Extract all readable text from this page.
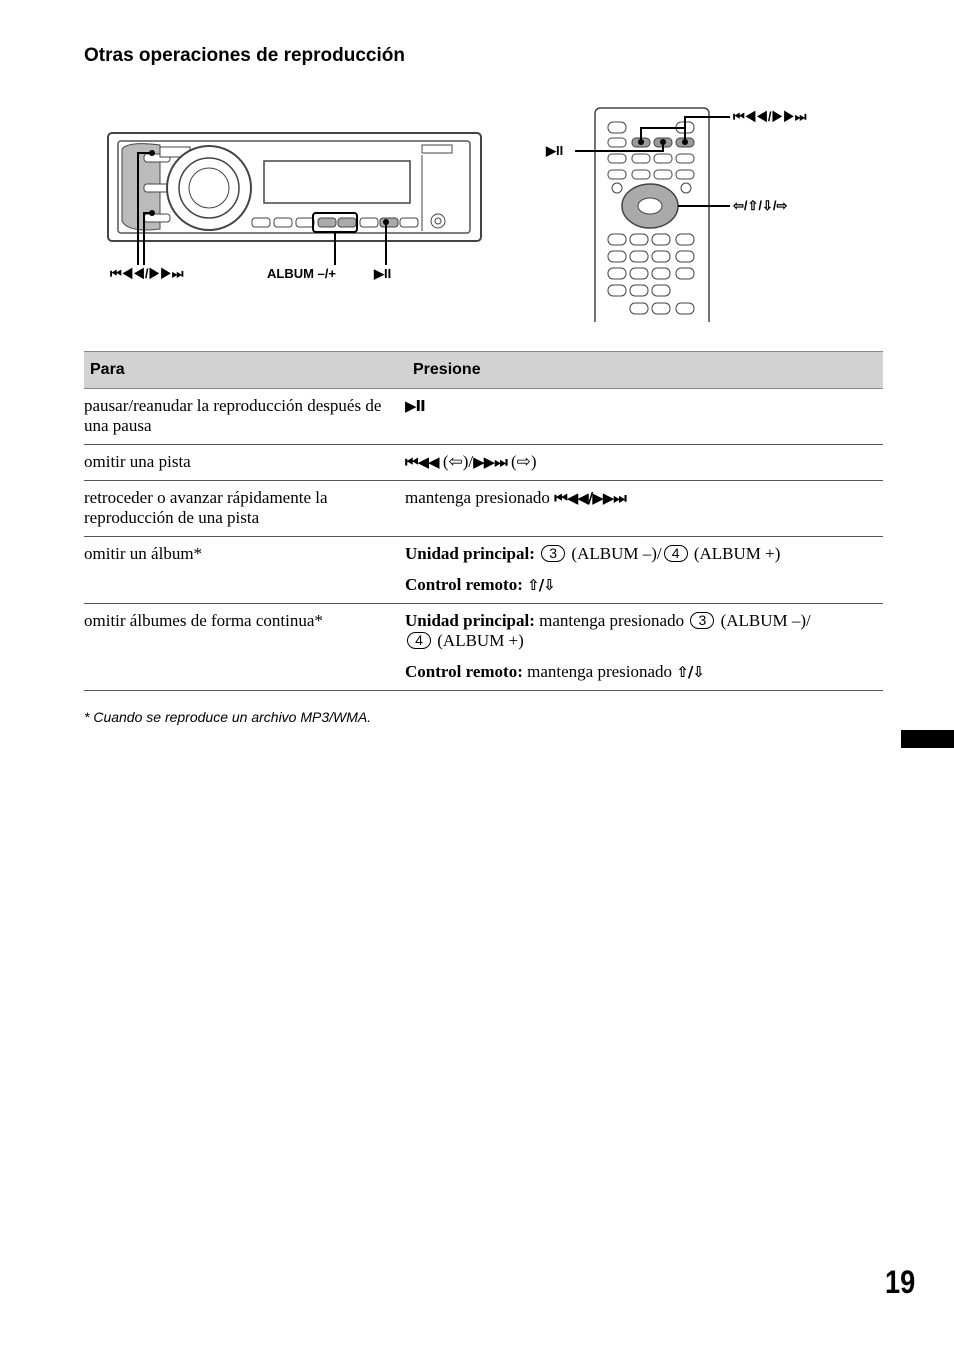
Otras operaciones de reproducción
⏮◀◀/▶▶⏭	ALBUM –/+	▶II
⏮◀◀/▶▶⏭
▶II
⇦/⇧/⇩/⇨
Para	Presione
pausar/reanudar la reproducción después de una pausa	▶II
omitir una pista	⏮◀◀ (⇦)/▶▶⏭ (⇨)
retroceder o avanzar rápidamente la reproducción de una pista	mantenga presionado ⏮◀◀/▶▶⏭
omitir un álbum*	Unidad principal: 3 (ALBUM –)/ 4 (ALBUM +)
Control remoto: ⇧/⇩

omitir álbumes de forma continua*	Unidad principal: mantenga presionado 3 (ALBUM –)/
4 (ALBUM +)
Control remoto: mantenga presionado ⇧/⇩
* Cuando se reproduce un archivo MP3/WMA.
19
